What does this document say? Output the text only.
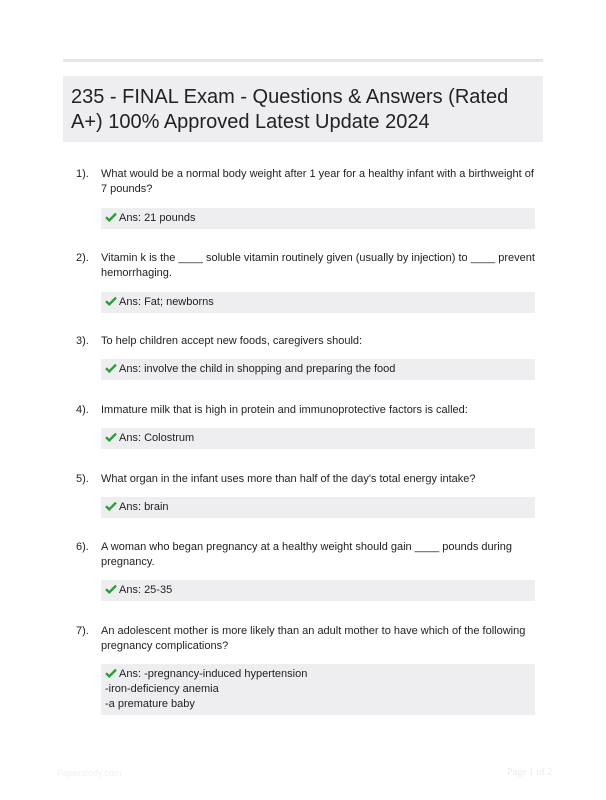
235 - FINAL Exam - Questions & Answers (Rated A+) 100% Approved Latest Update 2024
1). What would be a normal body weight after 1 year for a healthy infant with a birthweight of 7 pounds?
Ans: 21 pounds
2). Vitamin k is the ____ soluble vitamin routinely given (usually by injection) to ____ prevent hemorrhaging.
Ans: Fat; newborns
3). To help children accept new foods, caregivers should:
Ans: involve the child in shopping and preparing the food
4). Immature milk that is high in protein and immunoprotective factors is called:
Ans: Colostrum
5). What organ in the infant uses more than half of the day's total energy intake?
Ans: brain
6). A woman who began pregnancy at a healthy weight should gain ____ pounds during pregnancy.
Ans: 25-35
7). An adolescent mother is more likely than an adult mother to have which of the following pregnancy complications?
Ans: -pregnancy-induced hypertension
-iron-deficiency anemia
-a premature baby
Paperstudy.com	Page 1 of 2
